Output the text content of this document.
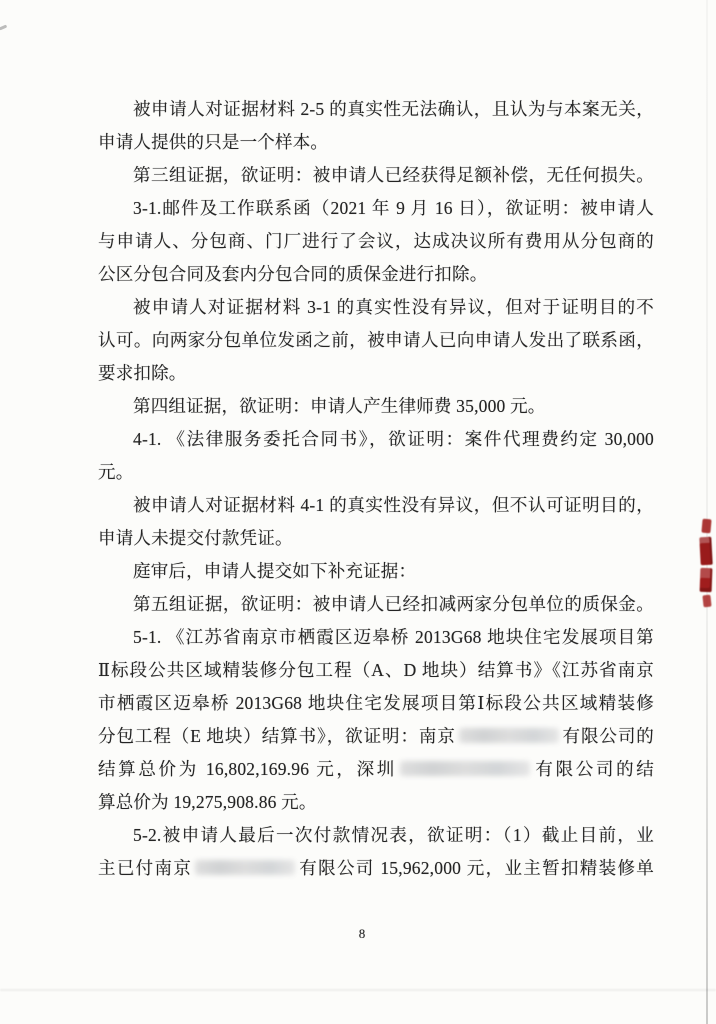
被申请人对证据材料 2-5 的真实性无法确认，且认为与本案无关，
申请人提供的只是一个样本。
第三组证据，欲证明：被申请人已经获得足额补偿，无任何损失。
3-1.邮件及工作联系函（2021 年 9 月 16 日），欲证明：被申请人
与申请人、分包商、门厂进行了会议，达成决议所有费用从分包商的
公区分包合同及套内分包合同的质保金进行扣除。
被申请人对证据材料 3-1 的真实性没有异议，但对于证明目的不
认可。向两家分包单位发函之前，被申请人已向申请人发出了联系函，
要求扣除。
第四组证据，欲证明：申请人产生律师费 35,000 元。
4-1. 《法律服务委托合同书》，欲证明：案件代理费约定 30,000
元。
被申请人对证据材料 4-1 的真实性没有异议，但不认可证明目的，
申请人未提交付款凭证。
庭审后，申请人提交如下补充证据：
第五组证据，欲证明：被申请人已经扣减两家分包单位的质保金。
5-1. 《江苏省南京市栖霞区迈皋桥 2013G68 地块住宅发展项目第
Ⅱ标段公共区域精装修分包工程（A、D 地块）结算书》《江苏省南京
市栖霞区迈皋桥 2013G68 地块住宅发展项目第Ⅰ标段公共区域精装修
分包工程（E 地块）结算书》，欲证明：南京	有限公司的
结算总价为 16,802,169.96 元，深圳	有限公司的结
算总价为 19,275,908.86 元。
5-2.被申请人最后一次付款情况表，欲证明：（1）截止目前，业
主已付南京	有限公司 15,962,000 元，业主暂扣精装修单
8
